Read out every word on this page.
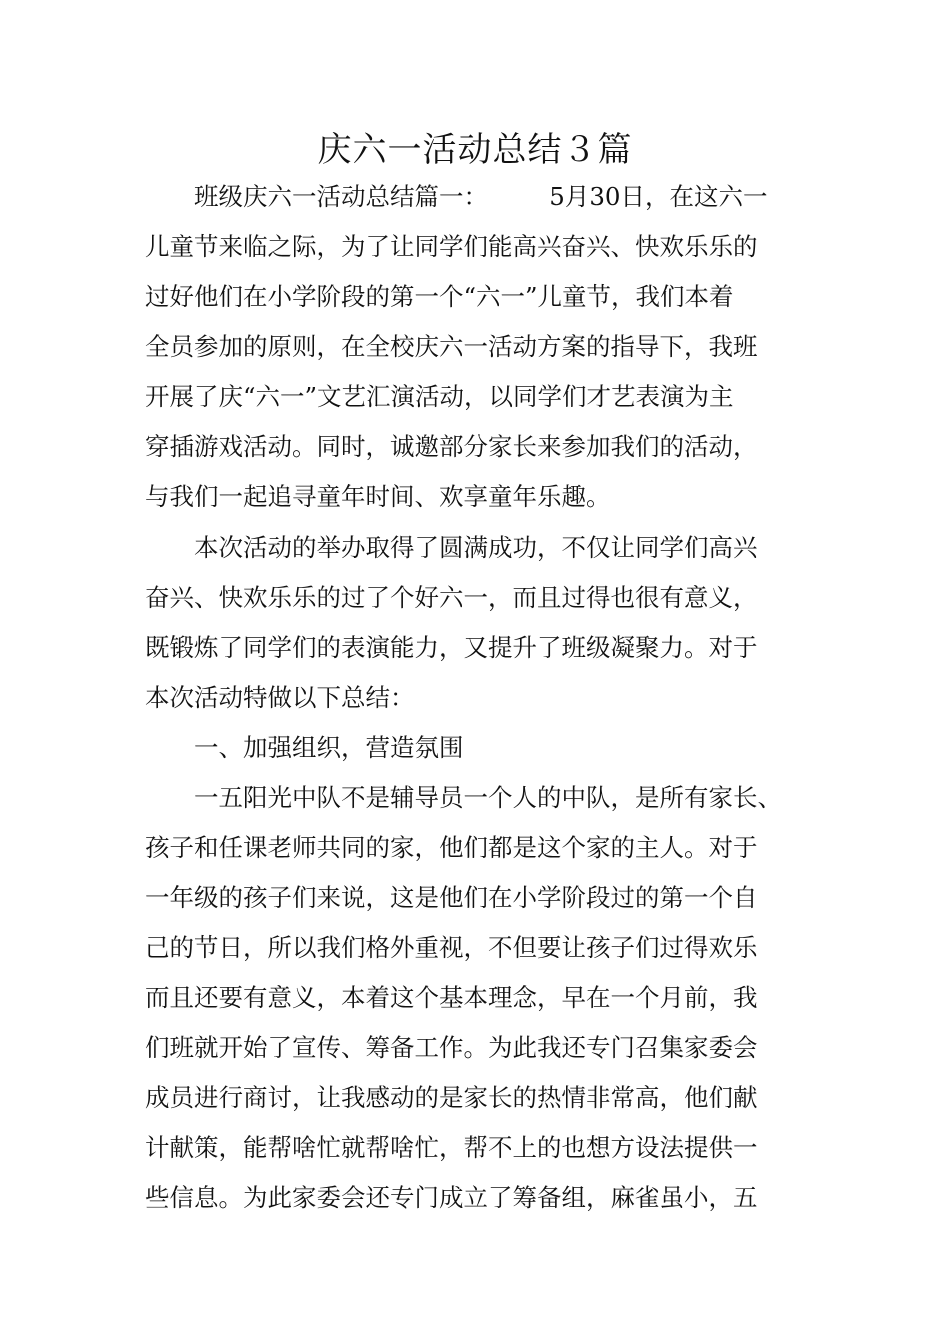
庆六一活动总结３篇
　　班级庆六一活动总结篇一：　　　5月30日，在这六一
儿童节来临之际，为了让同学们能高兴奋兴、快欢乐乐的
过好他们在小学阶段的第一个“六一”儿童节，我们本着
全员参加的原则，在全校庆六一活动方案的指导下，我班
开展了庆“六一”文艺汇演活动，以同学们才艺表演为主
穿插游戏活动。同时，诚邀部分家长来参加我们的活动，
与我们一起追寻童年时间、欢享童年乐趣。
　　本次活动的举办取得了圆满成功，不仅让同学们高兴
奋兴、快欢乐乐的过了个好六一，而且过得也很有意义，
既锻炼了同学们的表演能力，又提升了班级凝聚力。对于
本次活动特做以下总结：
　　一、加强组织，营造氛围
　　一五阳光中队不是辅导员一个人的中队，是所有家长、
孩子和任课老师共同的家，他们都是这个家的主人。对于
一年级的孩子们来说，这是他们在小学阶段过的第一个自
己的节日，所以我们格外重视，不但要让孩子们过得欢乐
而且还要有意义，本着这个基本理念，早在一个月前，我
们班就开始了宣传、筹备工作。为此我还专门召集家委会
成员进行商讨，让我感动的是家长的热情非常高，他们献
计献策，能帮啥忙就帮啥忙，帮不上的也想方设法提供一
些信息。为此家委会还专门成立了筹备组，麻雀虽小，五
